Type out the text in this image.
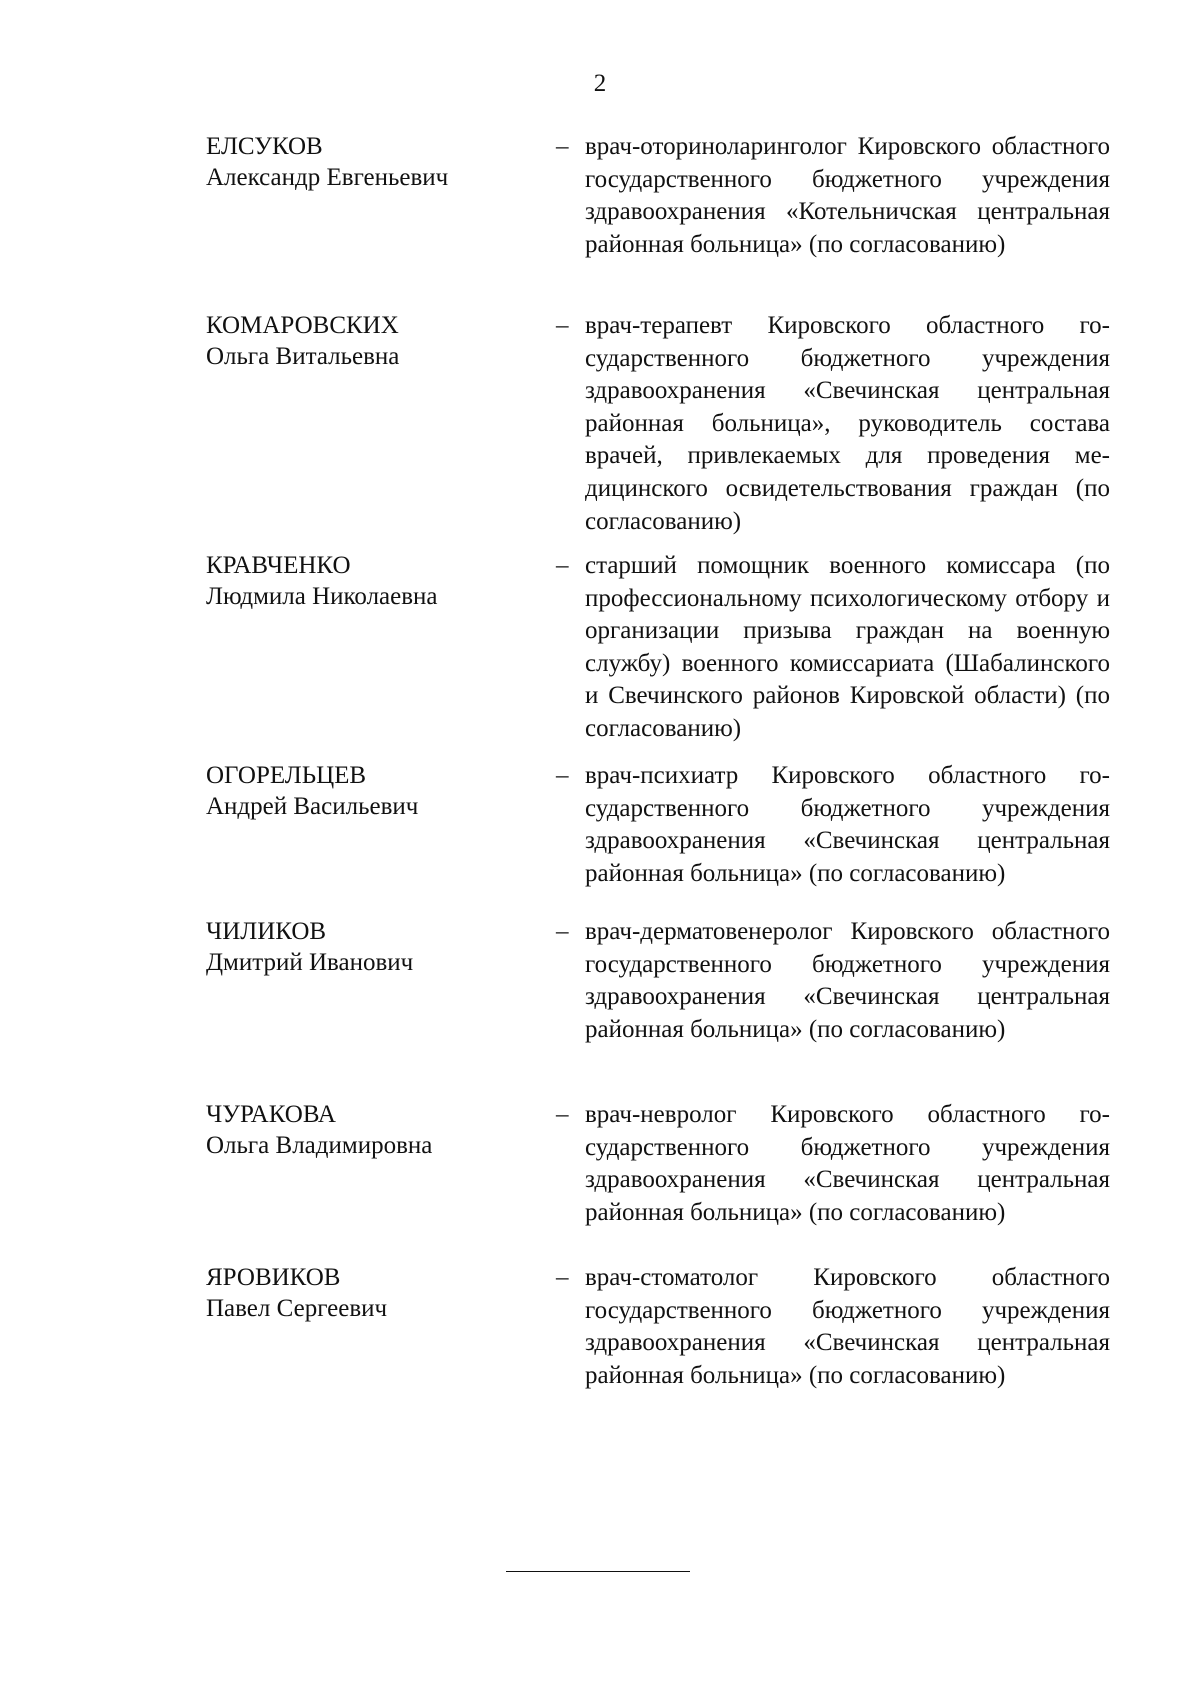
2
ЕЛСУКОВ
Александр Евгеньевич
– врач-оториноларинголог Кировского областного государственного бюджетного учреждения здравоохранения «Котельничская центральная районная больница» (по согласованию)
КОМАРОВСКИХ
Ольга Витальевна
– врач-терапевт Кировского областного государственного бюджетного учреждения здравоохранения «Свечинская центральная районная больница», руководитель состава врачей, привлекаемых для проведения медицинского освидетельствования граждан (по согласованию)
КРАВЧЕНКО
Людмила Николаевна
– старший помощник военного комиссара (по профессиональному психологическому отбору и организации призыва граждан на военную службу) военного комиссариата (Шабалинского и Свечинского районов Кировской области) (по согласованию)
ОГОРЕЛЬЦЕВ
Андрей Васильевич
– врач-психиатр Кировского областного государственного бюджетного учреждения здравоохранения «Свечинская центральная районная больница» (по согласованию)
ЧИЛИКОВ
Дмитрий Иванович
– врач-дерматовенеролог Кировского областного государственного бюджетного учреждения здравоохранения «Свечинская центральная районная больница» (по согласованию)
ЧУРАКОВА
Ольга Владимировна
– врач-невролог Кировского областного государственного бюджетного учреждения здравоохранения «Свечинская центральная районная больница» (по согласованию)
ЯРОВИКОВ
Павел Сергеевич
– врач-стоматолог Кировского областного государственного бюджетного учреждения здравоохранения «Свечинская центральная районная больница» (по согласованию)
